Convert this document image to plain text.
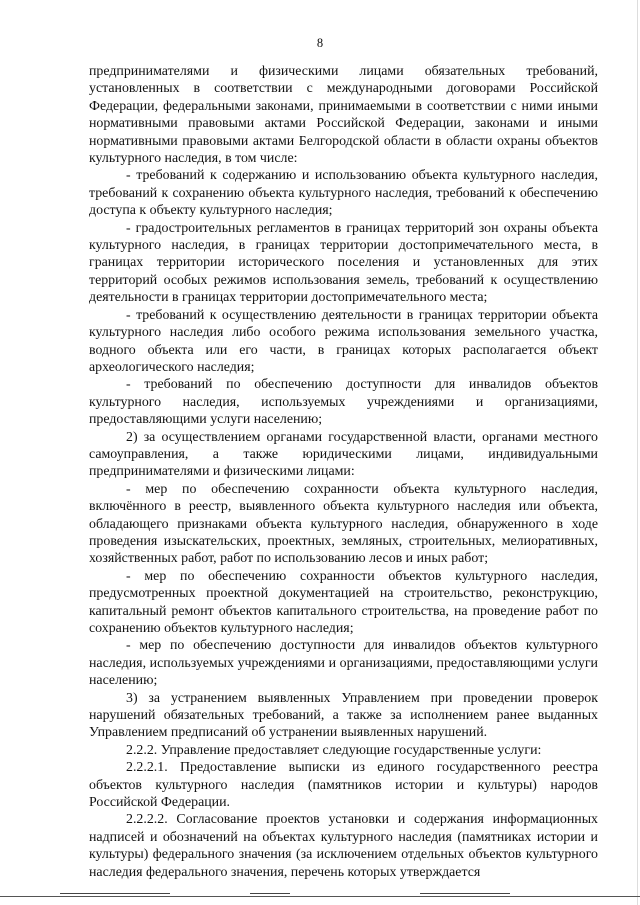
8

предпринимателями и физическими лицами обязательных требований, установленных в соответствии с международными договорами Российской Федерации, федеральными законами, принимаемыми в соответствии с ними иными нормативными правовыми актами Российской Федерации, законами и иными нормативными правовыми актами Белгородской области в области охраны объектов культурного наследия, в том числе:

- требований к содержанию и использованию объекта культурного наследия, требований к сохранению объекта культурного наследия, требований к обеспечению доступа к объекту культурного наследия;

- градостроительных регламентов в границах территорий зон охраны объекта культурного наследия, в границах территории достопримечательного места, в границах территории исторического поселения и установленных для этих территорий особых режимов использования земель, требований к осуществлению деятельности в границах территории достопримечательного места;

- требований к осуществлению деятельности в границах территории объекта культурного наследия либо особого режима использования земельного участка, водного объекта или его части, в границах которых располагается объект археологического наследия;

- требований по обеспечению доступности для инвалидов объектов культурного наследия, используемых учреждениями и организациями, предоставляющими услуги населению;

2) за осуществлением органами государственной власти, органами местного самоуправления, а также юридическими лицами, индивидуальными предпринимателями и физическими лицами:

- мер по обеспечению сохранности объекта культурного наследия, включённого в реестр, выявленного объекта культурного наследия или объекта, обладающего признаками объекта культурного наследия, обнаруженного в ходе проведения изыскательских, проектных, земляных, строительных, мелиоративных, хозяйственных работ, работ по использованию лесов и иных работ;

- мер по обеспечению сохранности объектов культурного наследия, предусмотренных проектной документацией на строительство, реконструкцию, капитальный ремонт объектов капитального строительства, на проведение работ по сохранению объектов культурного наследия;

- мер по обеспечению доступности для инвалидов объектов культурного наследия, используемых учреждениями и организациями, предоставляющими услуги населению;

3) за устранением выявленных Управлением при проведении проверок нарушений обязательных требований, а также за исполнением ранее выданных Управлением предписаний об устранении выявленных нарушений.

2.2.2. Управление предоставляет следующие государственные услуги:

2.2.2.1. Предоставление выписки из единого государственного реестра объектов культурного наследия (памятников истории и культуры) народов Российской Федерации.

2.2.2.2. Согласование проектов установки и содержания информационных надписей и обозначений на объектах культурного наследия (памятниках истории и культуры) федерального значения (за исключением отдельных объектов культурного наследия федерального значения, перечень которых утверждается
